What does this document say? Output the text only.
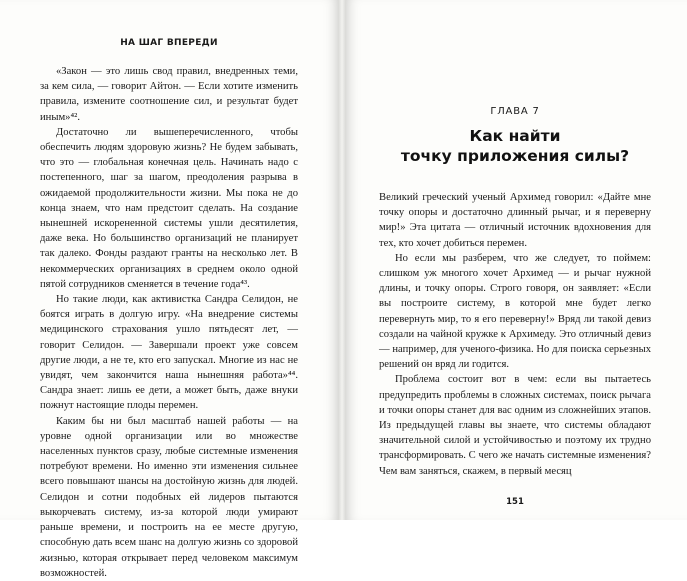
НА ШАГ ВПЕРЕДИ

«Закон — это лишь свод правил, внедренных теми, за кем сила, — говорит Айтон. — Если хотите изменить правила, измените соотношение сил, и результат будет иным»⁴².

Достаточно ли вышеперечисленного, чтобы обеспечить людям здоровую жизнь? Не будем забывать, что это — глобальная конечная цель. Начинать надо с постепенного, шаг за шагом, преодоления разрыва в ожидаемой продолжительности жизни. Мы пока не до конца знаем, что нам предстоит сделать. На создание нынешней искорененной системы ушли десятилетия, даже века. Но большинство организаций не планирует так далеко. Фонды раздают гранты на несколько лет. В некоммерческих организациях в среднем около одной пятой сотрудников сменяется в течение года⁴³.

Но такие люди, как активистка Сандра Селидон, не боятся играть в долгую игру. «На внедрение системы медицинского страхования ушло пятьдесят лет, — говорит Селидон. — Завершали проект уже совсем другие люди, а не те, кто его запускал. Многие из нас не увидят, чем закончится наша нынешняя работа»⁴⁴. Сандра знает: лишь ее дети, а может быть, даже внуки пожнут настоящие плоды перемен.

Каким бы ни был масштаб нашей работы — на уровне одной организации или во множестве населенных пунктов сразу, любые системные изменения потребуют времени. Но именно эти изменения сильнее всего повышают шансы на достойную жизнь для людей. Селидон и сотни подобных ей лидеров пытаются выкорчевать систему, из-за которой люди умирают раньше времени, и построить на ее месте другую, способную дать всем шанс на долгую жизнь со здоровой жизнью, которая открывает перед человеком максимум возможностей.

ГЛАВА 7
Как найти
точку приложения силы?

Великий греческий ученый Архимед говорил: «Дайте мне точку опоры и достаточно длинный рычаг, и я переверну мир!» Эта цитата — отличный источник вдохновения для тех, кто хочет добиться перемен.

Но если мы разберем, что же следует, то поймем: слишком уж многого хочет Архимед — и рычаг нужной длины, и точку опоры. Строго говоря, он заявляет: «Если вы построите систему, в которой мне будет легко перевернуть мир, то я его переверну!» Вряд ли такой девиз создали на чайной кружке к Архимеду. Это отличный девиз — например, для ученого-физика. Но для поиска серьезных решений он вряд ли годится.

Проблема состоит вот в чем: если вы пытаетесь предупредить проблемы в сложных системах, поиск рычага и точки опоры станет для вас одним из сложнейших этапов. Из предыдущей главы вы знаете, что системы обладают значительной силой и устойчивостью и поэтому их трудно трансформировать. С чего же начать системные изменения? Чем вам заняться, скажем, в первый месяц

151
